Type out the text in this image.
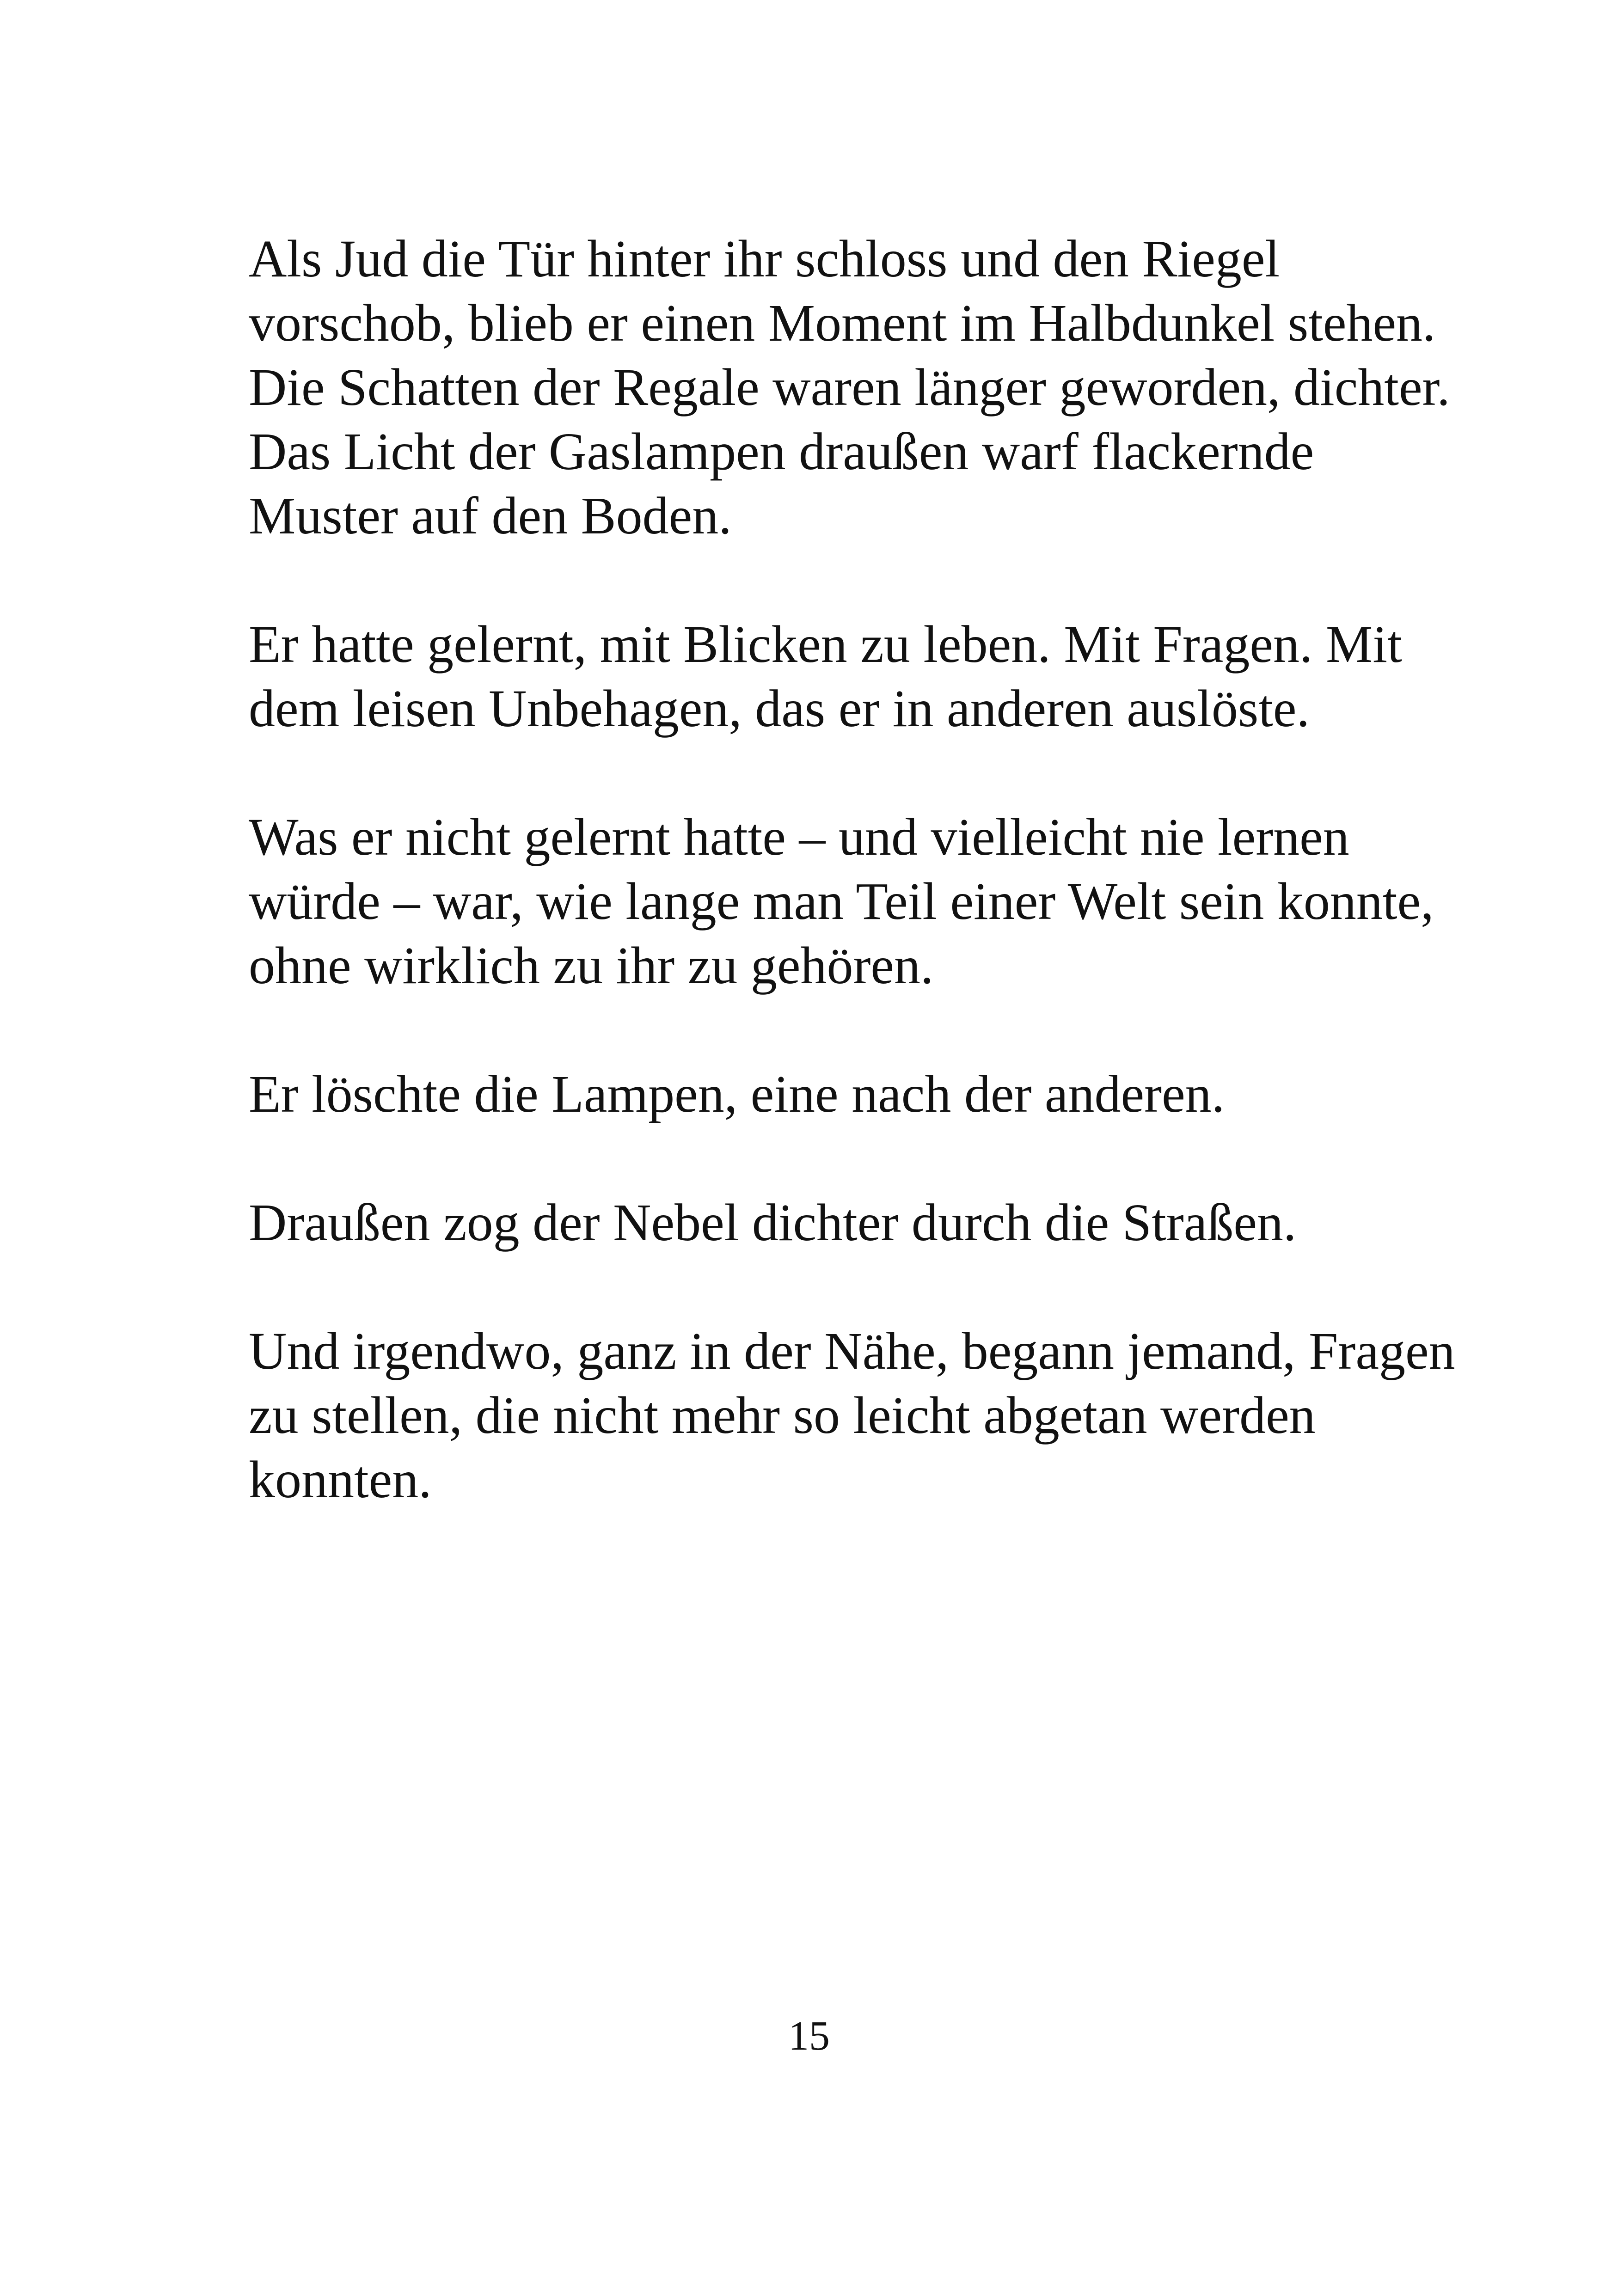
Als Jud die Tür hinter ihr schloss und den Riegel
vorschob, blieb er einen Moment im Halbdunkel stehen.
Die Schatten der Regale waren länger geworden, dichter.
Das Licht der Gaslampen draußen warf flackernde
Muster auf den Boden.

Er hatte gelernt, mit Blicken zu leben. Mit Fragen. Mit
dem leisen Unbehagen, das er in anderen auslöste.

Was er nicht gelernt hatte – und vielleicht nie lernen
würde – war, wie lange man Teil einer Welt sein konnte,
ohne wirklich zu ihr zu gehören.

Er löschte die Lampen, eine nach der anderen.

Draußen zog der Nebel dichter durch die Straßen.

Und irgendwo, ganz in der Nähe, begann jemand, Fragen
zu stellen, die nicht mehr so leicht abgetan werden
konnten.

15
